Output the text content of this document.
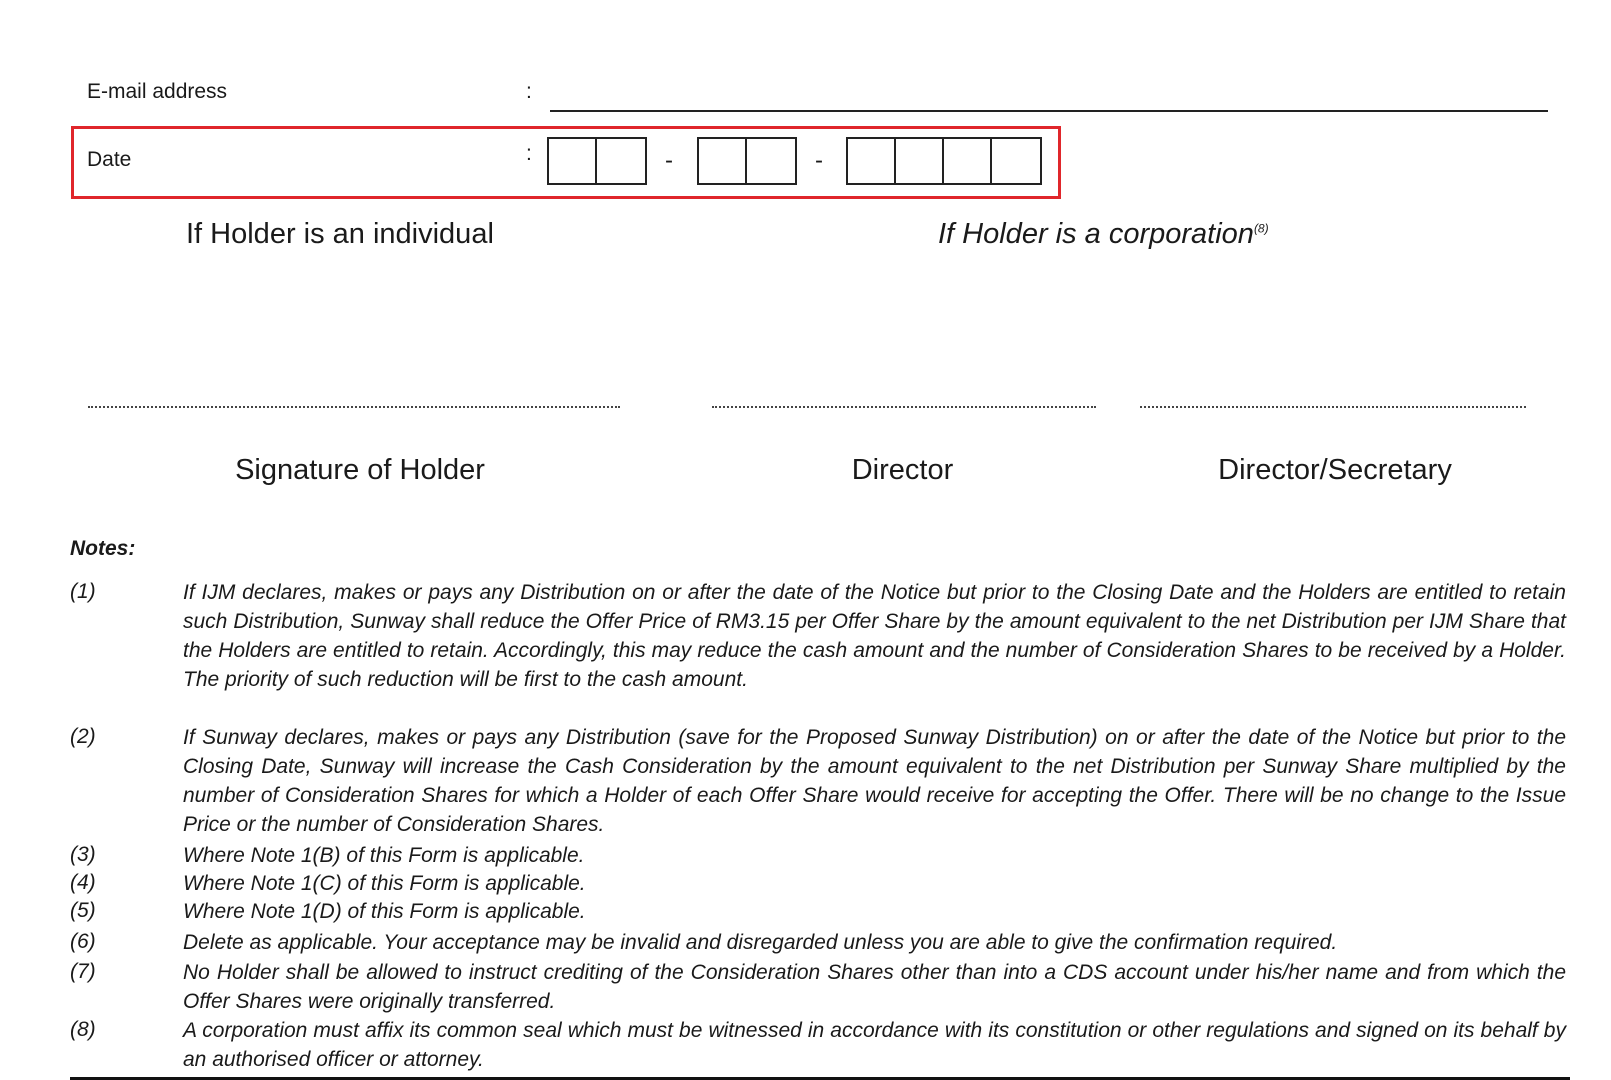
E-mail address	:
Date	:	-	-
If Holder is an individual	If Holder is a corporation$^{(8)}$
Signature of Holder	Director	Director/Secretary
Notes:
(1)	If IJM declares, makes or pays any Distribution on or after the date of the Notice but prior to the Closing Date and the Holders are entitled to retain such Distribution, Sunway shall reduce the Offer Price of RM3.15 per Offer Share by the amount equivalent to the net Distribution per IJM Share that the Holders are entitled to retain. Accordingly, this may reduce the cash amount and the number of Consideration Shares to be received by a Holder. The priority of such reduction will be first to the cash amount.
(2)	If Sunway declares, makes or pays any Distribution (save for the Proposed Sunway Distribution) on or after the date of the Notice but prior to the Closing Date, Sunway will increase the Cash Consideration by the amount equivalent to the net Distribution per Sunway Share multiplied by the number of Consideration Shares for which a Holder of each Offer Share would receive for accepting the Offer. There will be no change to the Issue Price or the number of Consideration Shares.
(3)	Where Note 1(B) of this Form is applicable.
(4)	Where Note 1(C) of this Form is applicable.
(5)	Where Note 1(D) of this Form is applicable.
(6)	Delete as applicable. Your acceptance may be invalid and disregarded unless you are able to give the confirmation required.
(7)	No Holder shall be allowed to instruct crediting of the Consideration Shares other than into a CDS account under his/her name and from which the Offer Shares were originally transferred.
(8)	A corporation must affix its common seal which must be witnessed in accordance with its constitution or other regulations and signed on its behalf by an authorised officer or attorney.
